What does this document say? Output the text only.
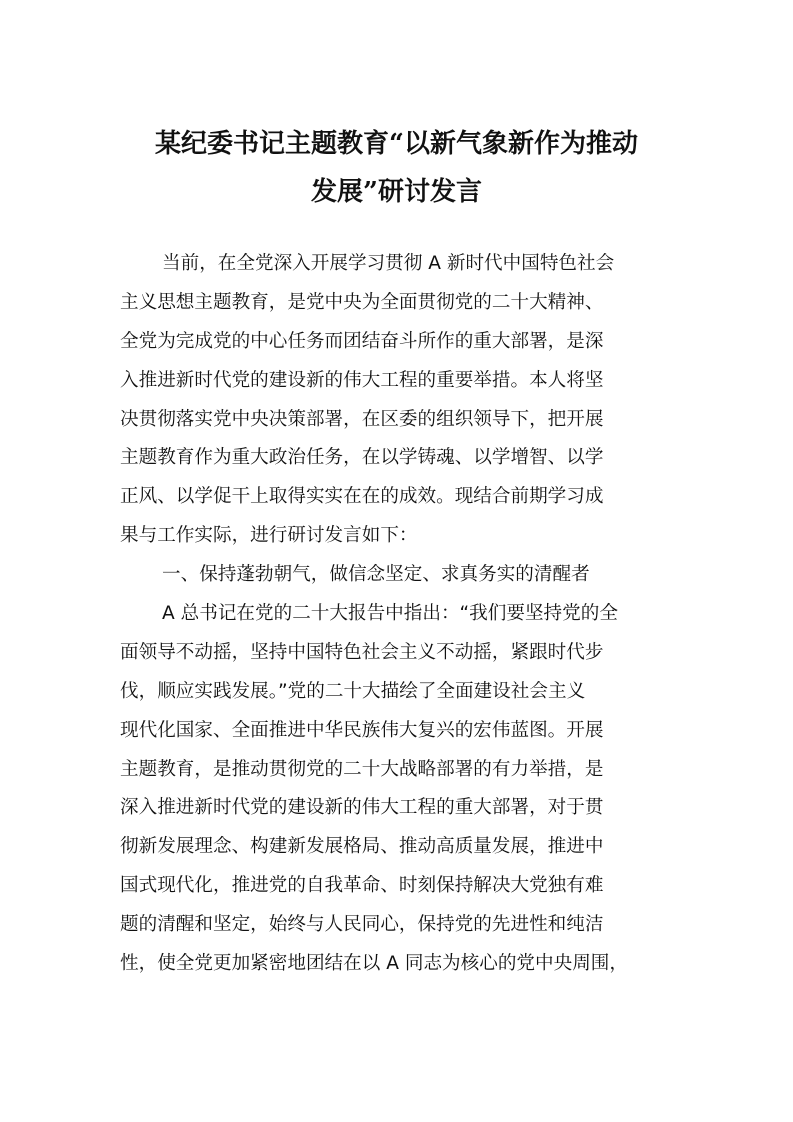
某纪委书记主题教育“以新气象新作为推动
发展”研讨发言
当前，在全党深入开展学习贯彻 A 新时代中国特色社会
主义思想主题教育，是党中央为全面贯彻党的二十大精神、
全党为完成党的中心任务而团结奋斗所作的重大部署，是深
入推进新时代党的建设新的伟大工程的重要举措。本人将坚
决贯彻落实党中央决策部署，在区委的组织领导下，把开展
主题教育作为重大政治任务，在以学铸魂、以学增智、以学
正风、以学促干上取得实实在在的成效。现结合前期学习成
果与工作实际，进行研讨发言如下：
一、保持蓬勃朝气，做信念坚定、求真务实的清醒者
A 总书记在党的二十大报告中指出：“我们要坚持党的全
面领导不动摇，坚持中国特色社会主义不动摇，紧跟时代步
伐，顺应实践发展。”党的二十大描绘了全面建设社会主义
现代化国家、全面推进中华民族伟大复兴的宏伟蓝图。开展
主题教育，是推动贯彻党的二十大战略部署的有力举措，是
深入推进新时代党的建设新的伟大工程的重大部署，对于贯
彻新发展理念、构建新发展格局、推动高质量发展，推进中
国式现代化，推进党的自我革命、时刻保持解决大党独有难
题的清醒和坚定，始终与人民同心，保持党的先进性和纯洁
性，使全党更加紧密地团结在以 A 同志为核心的党中央周围，
